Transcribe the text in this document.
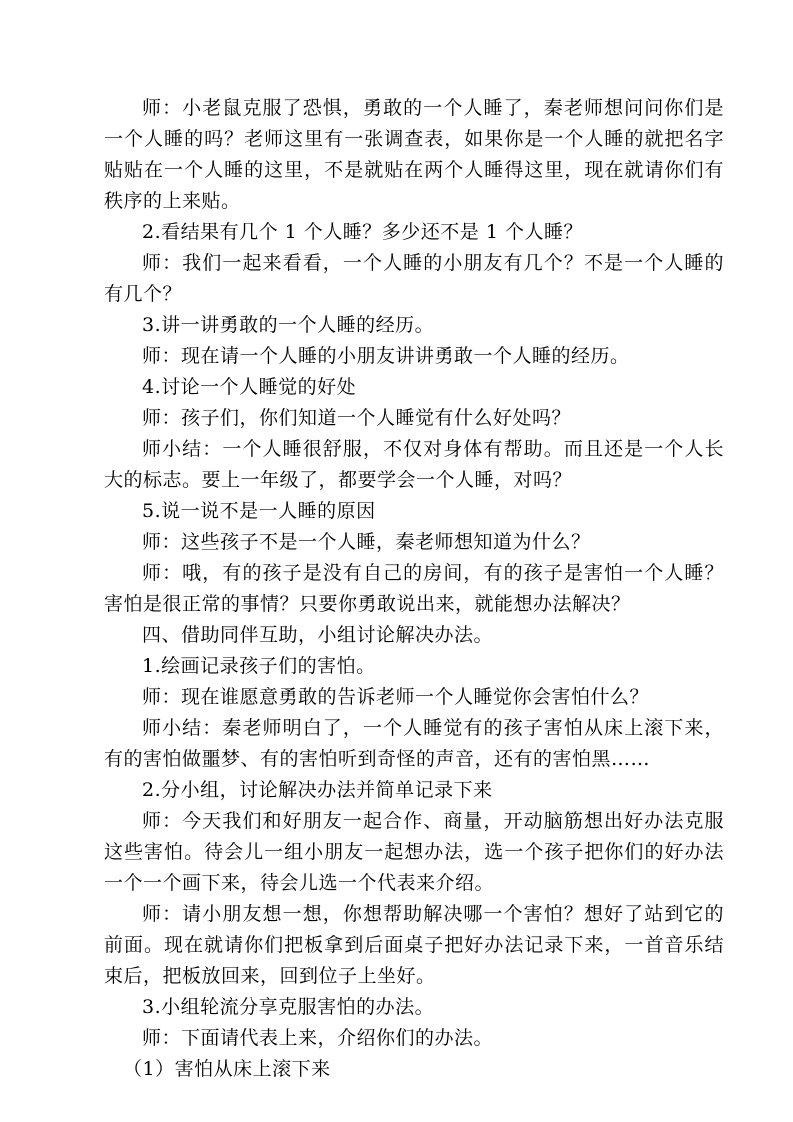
师：小老鼠克服了恐惧，勇敢的一个人睡了，秦老师想问问你们是一个人睡的吗？老师这里有一张调查表，如果你是一个人睡的就把名字贴贴在一个人睡的这里，不是就贴在两个人睡得这里，现在就请你们有秩序的上来贴。

2.看结果有几个 1 个人睡？多少还不是 1 个人睡？

师：我们一起来看看，一个人睡的小朋友有几个？不是一个人睡的有几个？

3.讲一讲勇敢的一个人睡的经历。

师：现在请一个人睡的小朋友讲讲勇敢一个人睡的经历。

4.讨论一个人睡觉的好处

师：孩子们，你们知道一个人睡觉有什么好处吗？

师小结：一个人睡很舒服，不仅对身体有帮助。而且还是一个人长大的标志。要上一年级了，都要学会一个人睡，对吗？

5.说一说不是一人睡的原因

师：这些孩子不是一个人睡，秦老师想知道为什么？

师：哦，有的孩子是没有自己的房间，有的孩子是害怕一个人睡？害怕是很正常的事情？只要你勇敢说出来，就能想办法解决？

四、借助同伴互助，小组讨论解决办法。

1.绘画记录孩子们的害怕。

师：现在谁愿意勇敢的告诉老师一个人睡觉你会害怕什么？

师小结：秦老师明白了，一个人睡觉有的孩子害怕从床上滚下来，有的害怕做噩梦、有的害怕听到奇怪的声音，还有的害怕黑……

2.分小组，讨论解决办法并简单记录下来

师：今天我们和好朋友一起合作、商量，开动脑筋想出好办法克服这些害怕。待会儿一组小朋友一起想办法，选一个孩子把你们的好办法一个一个画下来，待会儿选一个代表来介绍。

师：请小朋友想一想，你想帮助解决哪一个害怕？想好了站到它的前面。现在就请你们把板拿到后面桌子把好办法记录下来，一首音乐结束后，把板放回来，回到位子上坐好。

3.小组轮流分享克服害怕的办法。

师：下面请代表上来，介绍你们的办法。

（1）害怕从床上滚下来
